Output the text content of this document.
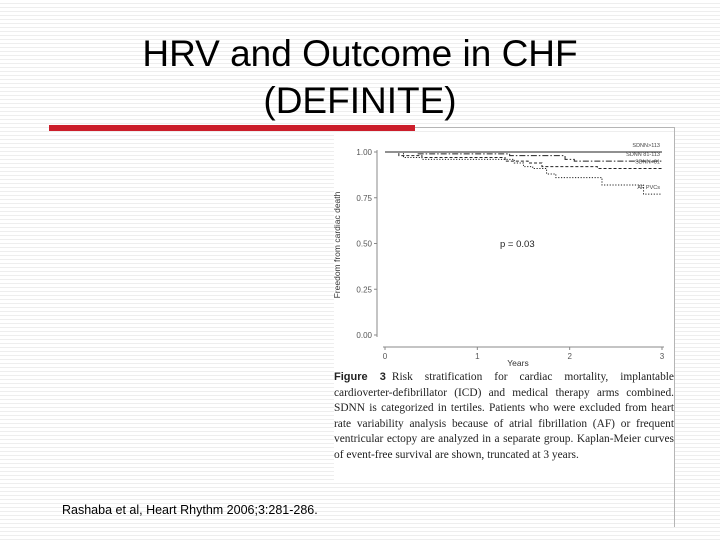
HRV and Outcome in CHF
(DEFINITE)
0.00
0.25
0.50
0.75
1.00
0	1	2	3
SDNN>113
SDNN 81-113
SDNN<81
AF PVCs
Freedom from cardiac death
Years
p = 0.03
Figure 3 Risk stratification for cardiac mortality, implantable cardioverter-defibrillator (ICD) and medical therapy arms combined. SDNN is categorized in tertiles. Patients who were excluded from heart rate variability analysis because of atrial fibrillation (AF) or frequent ventricular ectopy are analyzed in a separate group. Kaplan-Meier curves of event-free survival are shown, truncated at 3 years.
Rashaba et al, Heart Rhythm 2006;3:281-286.
